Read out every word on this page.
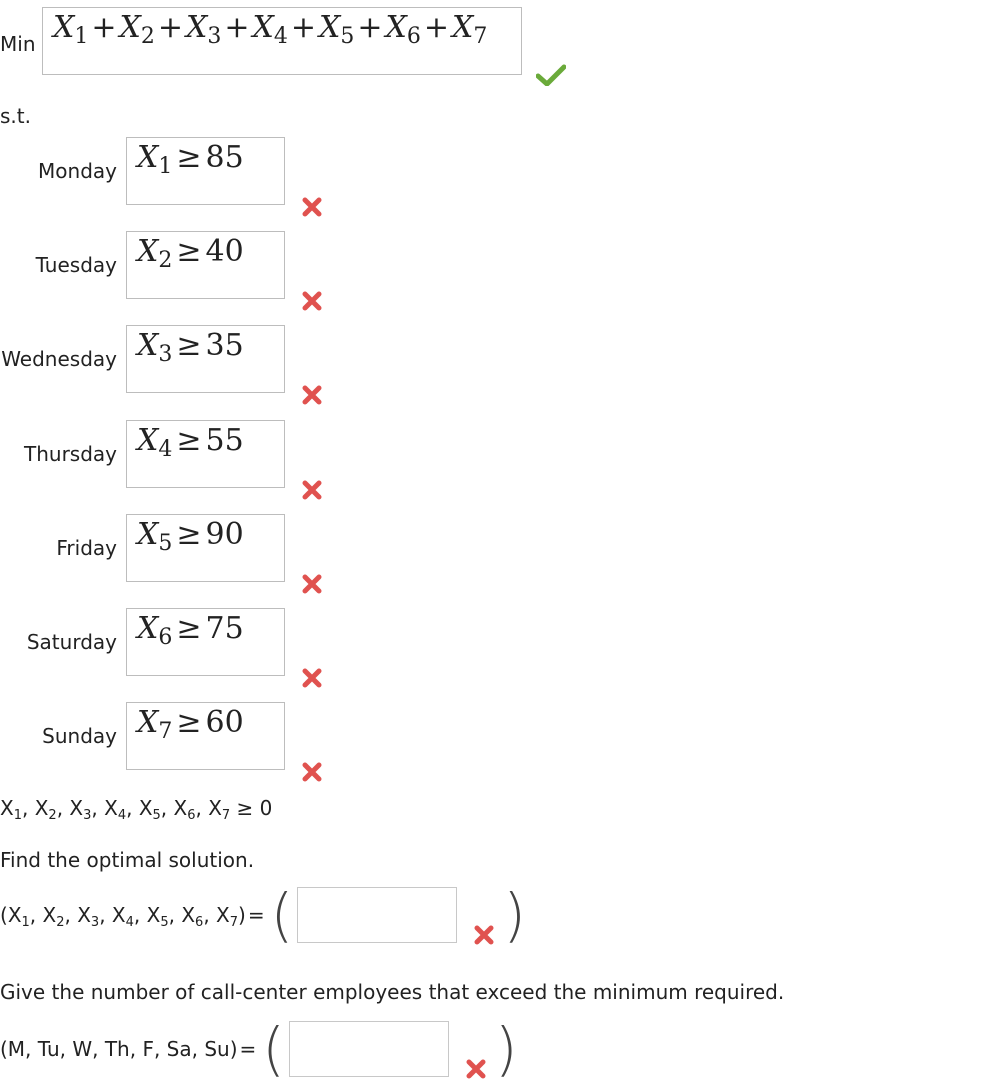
Min $X_1 + X_2 + X_3 + X_4 + X_5 + X_6 + X_7$
s.t.
Monday $X_1 \ge 85$
Tuesday $X_2 \ge 40$
Wednesday $X_3 \ge 35$
Thursday $X_4 \ge 55$
Friday $X_5 \ge 90$
Saturday $X_6 \ge 75$
Sunday $X_7 \ge 60$
$X_1$, $X_2$, $X_3$, $X_4$, $X_5$, $X_6$, $X_7 \ge 0$
Find the optimal solution.
($X_1$, $X_2$, $X_3$, $X_4$, $X_5$, $X_6$, $X_7$) = (	)
Give the number of call-center employees that exceed the minimum required.
(M, Tu, W, Th, F, Sa, Su) = (	)
